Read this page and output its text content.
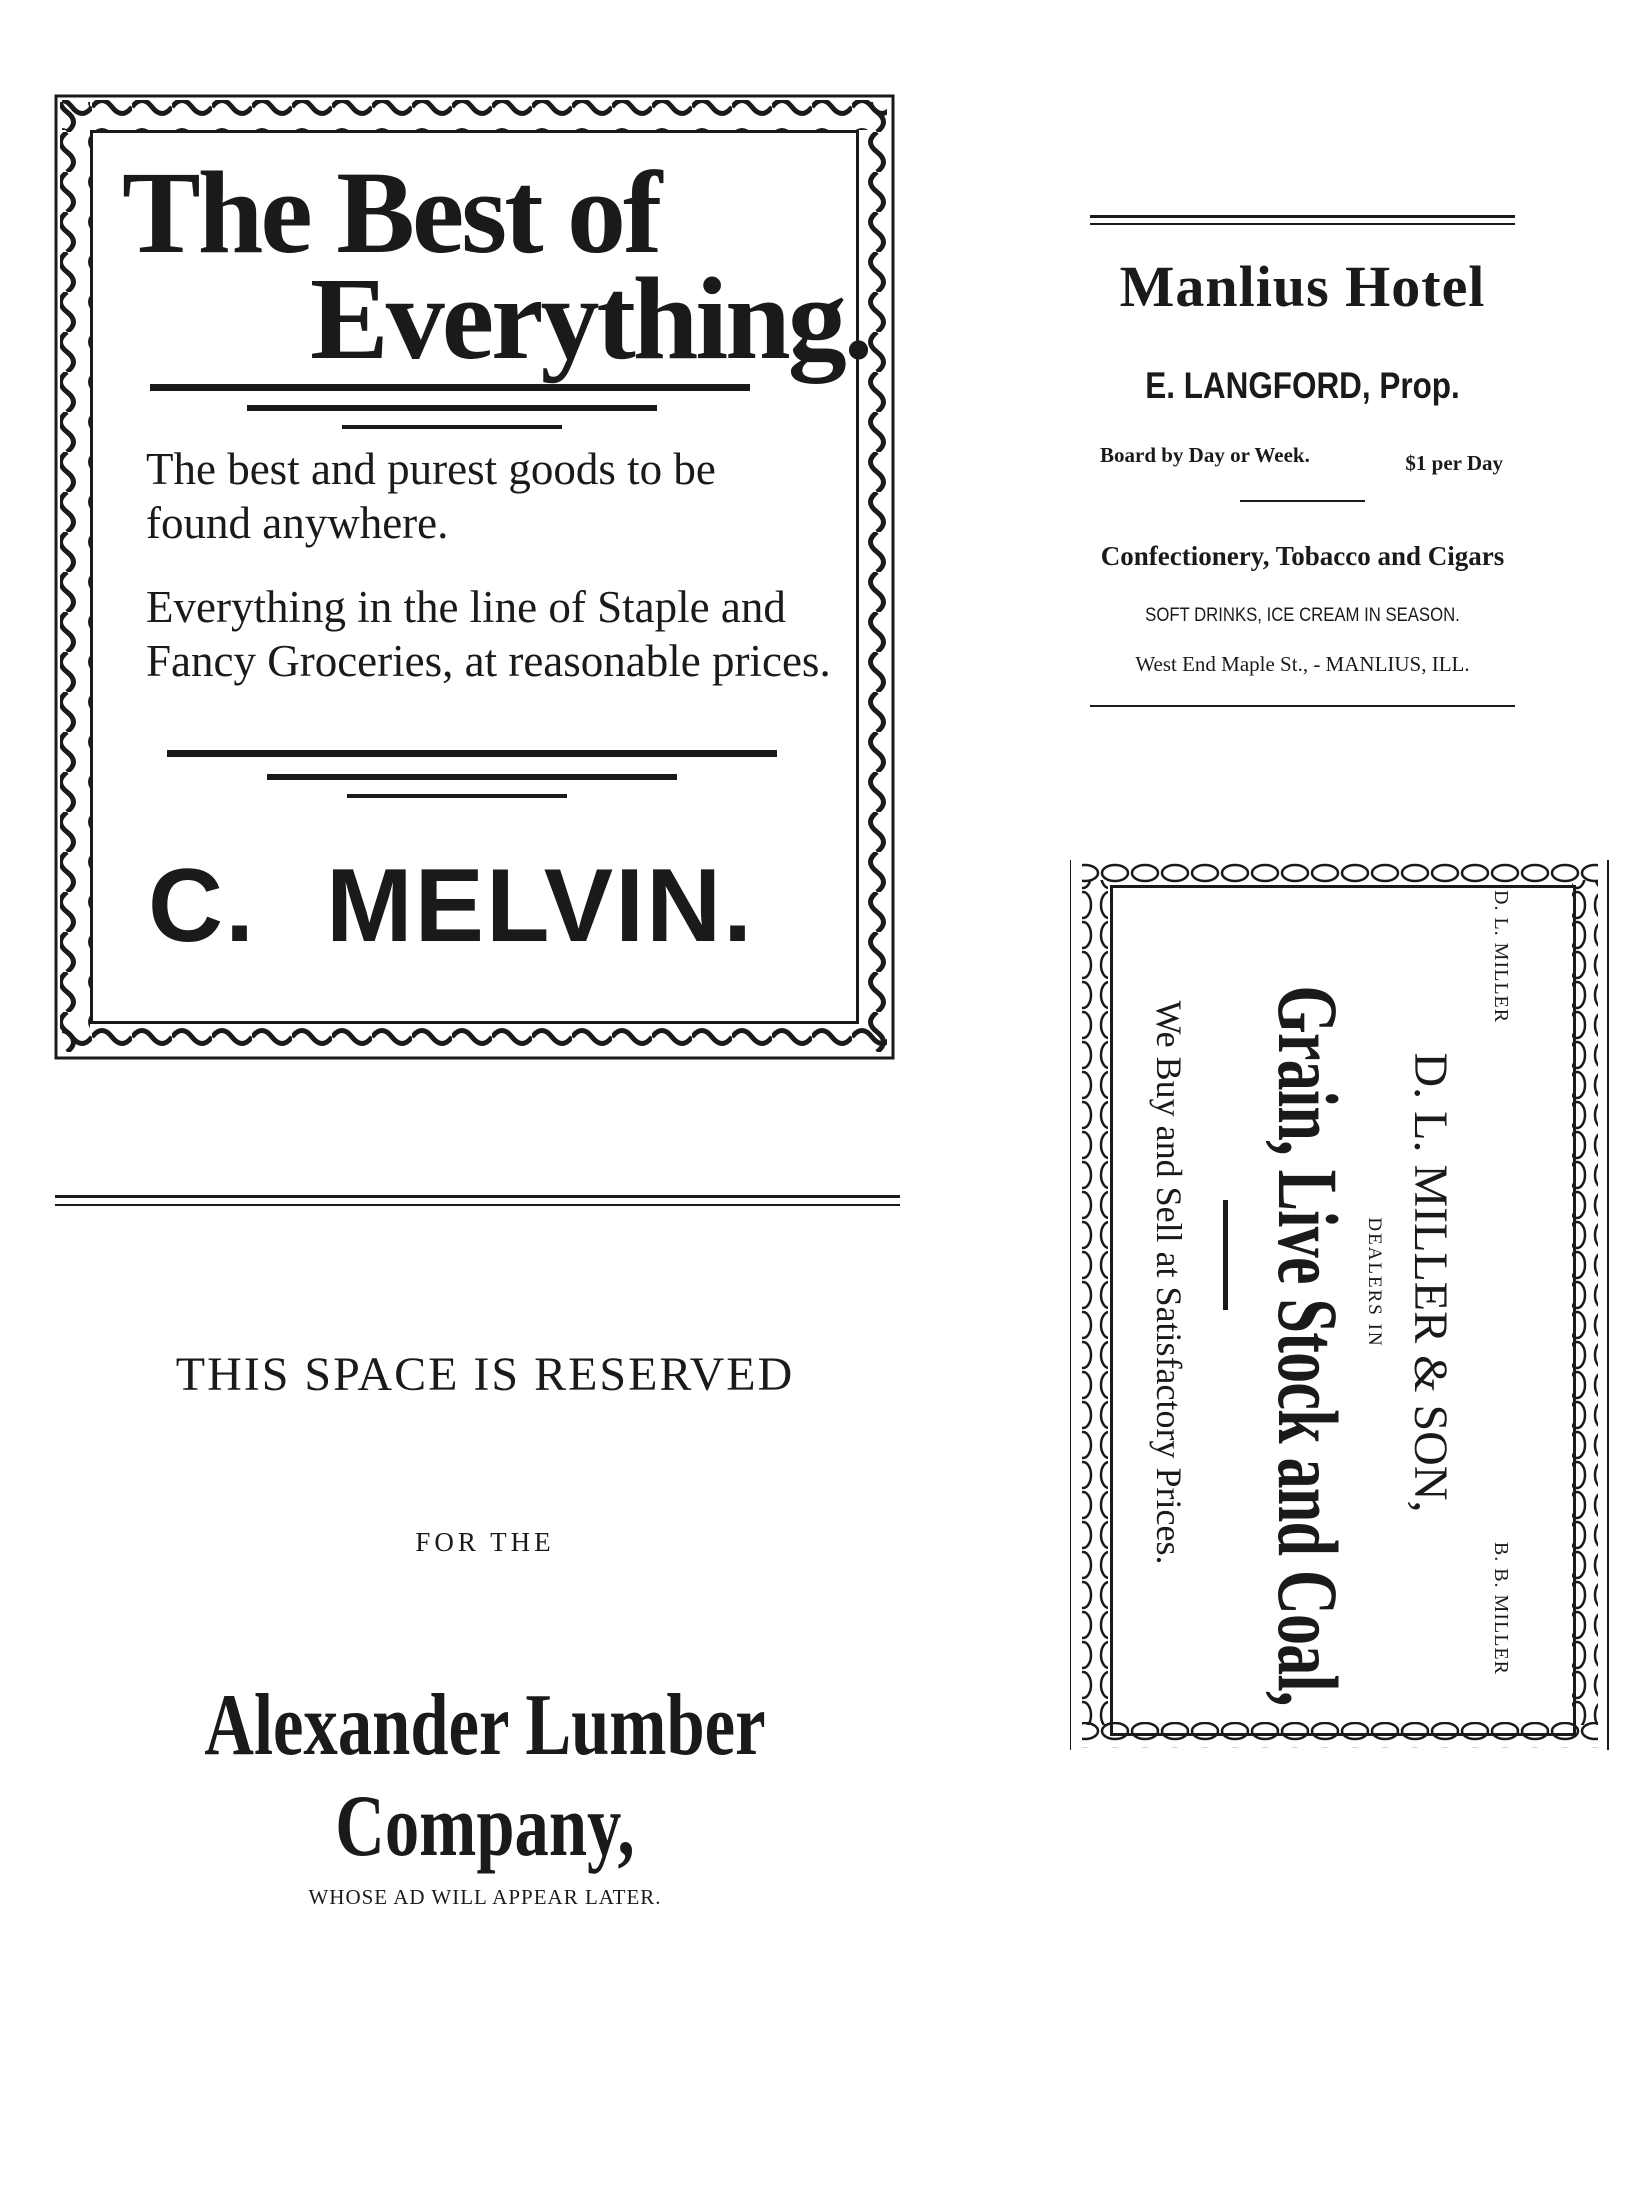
The Best of
Everything.
The best and purest goods to be found anywhere.
Everything in the line of Staple and Fancy Groceries, at reasonable prices.
C. MELVIN.
Manlius Hotel
E. LANGFORD, Prop.
Board by Day or Week.	$1 per Day
Confectionery, Tobacco and Cigars
SOFT DRINKS, ICE CREAM IN SEASON.
West End Maple St., - MANLIUS, ILL.
D. L. MILLER
B. B. MILLER
D. L. MILLER & SON,
DEALERS IN
Grain, Live Stock and Coal,
We Buy and Sell at Satisfactory Prices.
THIS SPACE IS RESERVED
FOR THE
Alexander Lumber Company,
WHOSE AD WILL APPEAR LATER.
